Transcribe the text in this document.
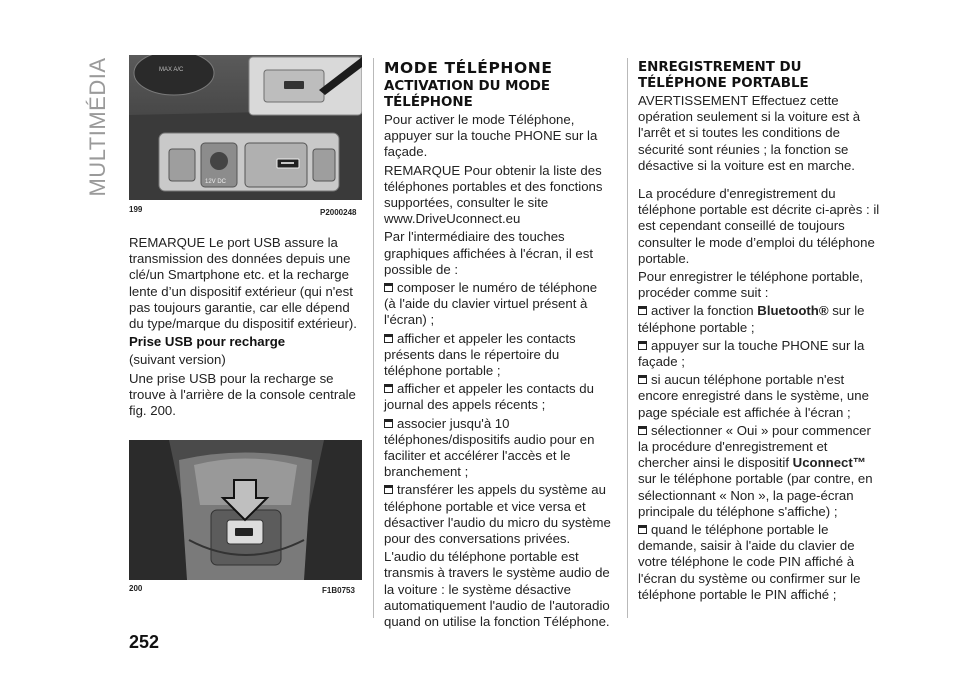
MULTIMÉDIA	MAX A/C
12V DC
199	P2000248

REMARQUE Le port USB assure la transmission des données depuis une clé/un Smartphone etc. et la recharge lente d’un dispositif extérieur (qui n'est pas toujours garantie, car elle dépend du type/marque du dispositif extérieur).

Prise USB pour recharge

(suivant version)

Une prise USB pour la recharge se trouve à l'arrière de la console centrale fig. 200.

200	F1B0753

MODE TÉLÉPHONE

ACTIVATION DU MODE TÉLÉPHONE

Pour activer le mode Téléphone, appuyer sur la touche PHONE sur la façade.

REMARQUE Pour obtenir la liste des téléphones portables et des fonctions supportées, consulter le site www.DriveUconnect.eu

Par l'intermédiaire des touches graphiques affichées à l'écran, il est possible de :

composer le numéro de téléphone (à l'aide du clavier virtuel présent à l'écran) ;

afficher et appeler les contacts présents dans le répertoire du téléphone portable ;

afficher et appeler les contacts du journal des appels récents ;

associer jusqu'à 10 téléphones/dispositifs audio pour en faciliter et accélérer l'accès et le branchement ;

transférer les appels du système au téléphone portable et vice versa et désactiver l'audio du micro du système pour des conversations privées.

L'audio du téléphone portable est transmis à travers le système audio de la voiture : le système désactive automatiquement l'audio de l'autoradio quand on utilise la fonction Téléphone.

ENREGISTREMENT DU TÉLÉPHONE PORTABLE

AVERTISSEMENT Effectuez cette opération seulement si la voiture est à l'arrêt et si toutes les conditions de sécurité sont réunies ; la fonction se désactive si la voiture est en marche.

La procédure d'enregistrement du téléphone portable est décrite ci-après : il est cependant conseillé de toujours consulter le mode d’emploi du téléphone portable.

Pour enregistrer le téléphone portable, procéder comme suit :

activer la fonction Bluetooth® sur le téléphone portable ;

appuyer sur la touche PHONE sur la façade ;

si aucun téléphone portable n'est encore enregistré dans le système, une page spéciale est affichée à l'écran ;

sélectionner « Oui » pour commencer la procédure d'enregistrement et chercher ainsi le dispositif Uconnect™ sur le téléphone portable (par contre, en sélectionnant « Non », la page-écran principale du téléphone s'affiche) ;

quand le téléphone portable le demande, saisir à l'aide du clavier de votre téléphone le code PIN affiché à l'écran du système ou confirmer sur le téléphone portable le PIN affiché ;

252
